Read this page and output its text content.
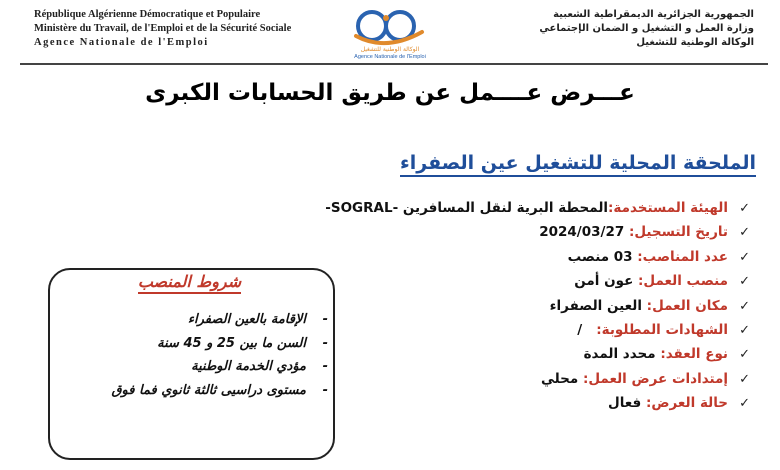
République Algérienne Démocratique et Populaire
Ministère du Travail, de l'Emploi et de la Sécurité Sociale
Agence Nationale de l'Emploi
الوكالة الوطنية للتشغيل
Agence Nationale de l'Emploi
الجمهورية الجزائرية الديمقراطية الشعبية
وزارة العمل و التشغيل و الضمان الإجتماعي
الوكالة الوطنية للتشغيل
عـــرض عــــمل عن طريق الحسابات الكبرى
الملحقة المحلية للتشغيل عين الصفراء
✓الهيئة المستخدمة:المحطة البرية لنقل المسافرين -SOGRAL-
✓تاريخ التسجيل: 2024/03/27
✓عدد المناصب: 03 منصب
✓منصب العمل: عون أمن
✓مكان العمل: العين الصفراء
✓الشهادات المطلوبة:   /
✓نوع العقد: محدد المدة
✓إمتدادات عرض العمل: محلي
✓حالة العرض: فعال
شروط المنصب
-الإقامة بالعين الصفراء
-السن ما بين 25 و 45 سنة
-مؤدي الخدمة الوطنية
-مستوى دراسيى ثالثة ثانوي فما فوق
